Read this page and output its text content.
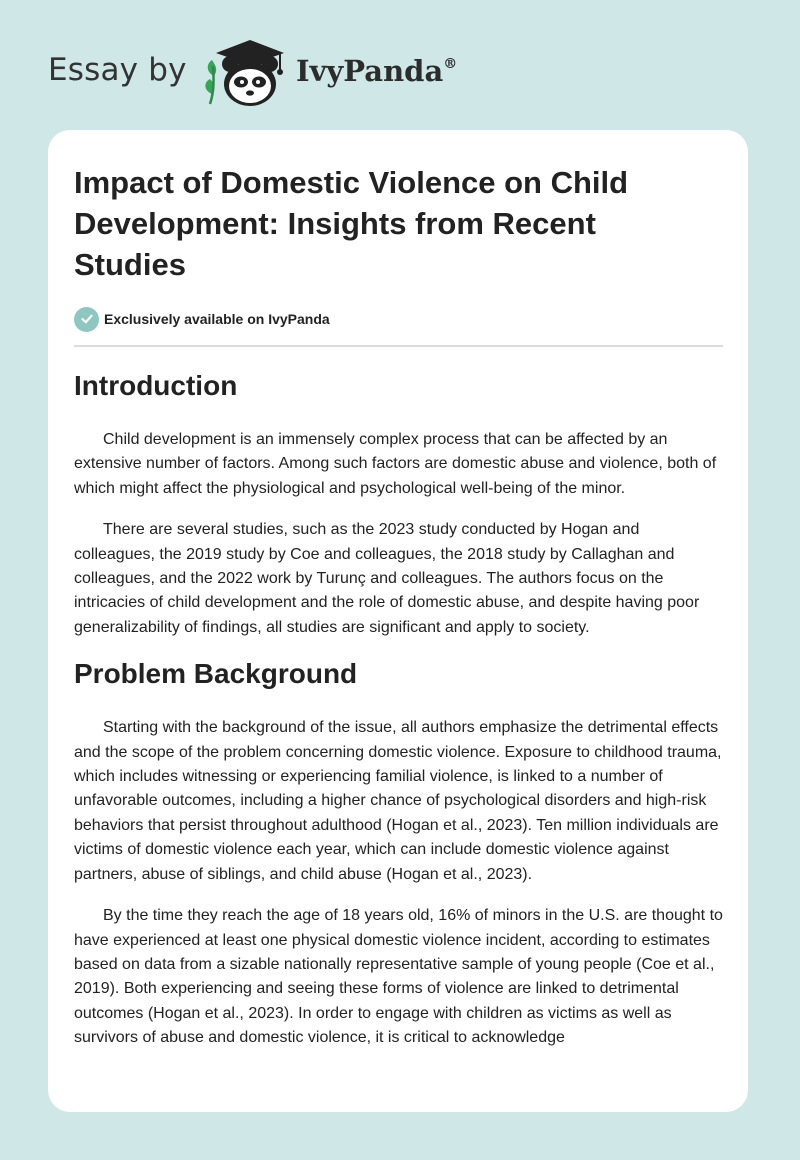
Essay by	IvyPanda®
Impact of Domestic Violence on Child Development: Insights from Recent Studies
Exclusively available on IvyPanda
Introduction

Child development is an immensely complex process that can be affected by an extensive number of factors. Among such factors are domestic abuse and violence, both of which might affect the physiological and psychological well-being of the minor.

There are several studies, such as the 2023 study conducted by Hogan and colleagues, the 2019 study by Coe and colleagues, the 2018 study by Callaghan and colleagues, and the 2022 work by Turunç and colleagues. The authors focus on the intricacies of child development and the role of domestic abuse, and despite having poor generalizability of findings, all studies are significant and apply to society.

Problem Background

Starting with the background of the issue, all authors emphasize the detrimental effects and the scope of the problem concerning domestic violence. Exposure to childhood trauma, which includes witnessing or experiencing familial violence, is linked to a number of unfavorable outcomes, including a higher chance of psychological disorders and high-risk behaviors that persist throughout adulthood (Hogan et al., 2023). Ten million individuals are victims of domestic violence each year, which can include domestic violence against partners, abuse of siblings, and child abuse (Hogan et al., 2023).

By the time they reach the age of 18 years old, 16% of minors in the U.S. are thought to have experienced at least one physical domestic violence incident, according to estimates based on data from a sizable nationally representative sample of young people (Coe et al., 2019). Both experiencing and seeing these forms of violence are linked to detrimental outcomes (Hogan et al., 2023). In order to engage with children as victims as well as survivors of abuse and domestic violence, it is critical to acknowledge
